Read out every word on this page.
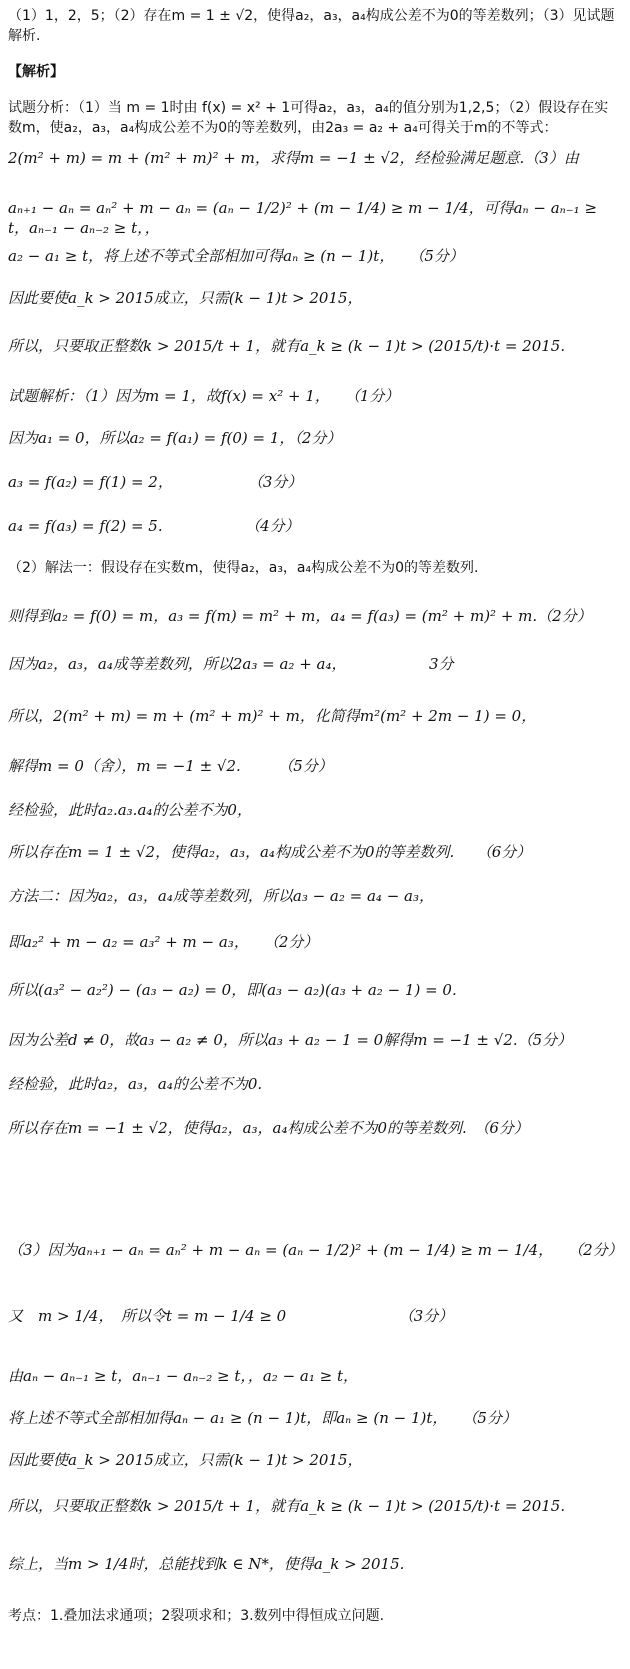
（1）1，2，5；（2）存在m = 1 ± √2，使得a₂，a₃，a₄构成公差不为0的等差数列；（3）见试题解析.
【解析】
试题分析：（1）当 m = 1时由 f(x) = x² + 1可得a₂，a₃，a₄的值分别为1,2,5；（2）假设存在实数m，使a₂，a₃，a₄构成公差不为0的等差数列，由2a₃ = a₂ + a₄可得关于m的不等式：
2(m² + m) = m + (m² + m)² + m，求得m = −1 ± √2，经检验满足题意.（3）由
aₙ₊₁ − aₙ = aₙ² + m − aₙ = (aₙ − 1/2)² + (m − 1/4) ≥ m − 1/4，可得aₙ − aₙ₋₁ ≥ t，aₙ₋₁ − aₙ₋₂ ≥ t，，
a₂ − a₁ ≥ t，将上述不等式全部相加可得aₙ ≥ (n − 1)t，　　（5分）
因此要使a_k > 2015成立，只需(k − 1)t > 2015，
所以，只要取正整数k > 2015/t + 1，就有a_k ≥ (k − 1)t > (2015/t)·t = 2015.
试题解析：（1）因为m = 1，故f(x) = x² + 1，　　（1分）
因为a₁ = 0，所以a₂ = f(a₁) = f(0) = 1，（2分）
a₃ = f(a₂) = f(1) = 2，　　　　　　（3分）
a₄ = f(a₃) = f(2) = 5.　　　　　　（4分）
（2）解法一：假设存在实数m，使得a₂，a₃，a₄构成公差不为0的等差数列.
则得到a₂ = f(0) = m，a₃ = f(m) = m² + m，a₄ = f(a₃) = (m² + m)² + m.（2分）
因为a₂，a₃，a₄成等差数列，所以2a₃ = a₂ + a₄，　　　　　　3分
所以，2(m² + m) = m + (m² + m)² + m，化简得m²(m² + 2m − 1) = 0，
解得m = 0（舍），m = −1 ± √2.　　　（5分）
经检验，此时a₂.a₃.a₄的公差不为0，
所以存在m = 1 ± √2，使得a₂，a₃，a₄构成公差不为0的等差数列.　　（6分）
方法二：因为a₂，a₃，a₄成等差数列，所以a₃ − a₂ = a₄ − a₃，
即a₂² + m − a₂ = a₃² + m − a₃，　　（2分）
所以(a₃² − a₂²) − (a₃ − a₂) = 0，即(a₃ − a₂)(a₃ + a₂ − 1) = 0.
因为公差d ≠ 0，故a₃ − a₂ ≠ 0，所以a₃ + a₂ − 1 = 0解得m = −1 ± √2.（5分）
经检验，此时a₂，a₃，a₄的公差不为0.
所以存在m = −1 ± √2，使得a₂，a₃，a₄构成公差不为0的等差数列.　（6分）
（3）因为aₙ₊₁ − aₙ = aₙ² + m − aₙ = (aₙ − 1/2)² + (m − 1/4) ≥ m − 1/4，　　（2分）
又　m > 1/4，　所以令t = m − 1/4 ≥ 0　　　　　　　　（3分）
由aₙ − aₙ₋₁ ≥ t，aₙ₋₁ − aₙ₋₂ ≥ t，，a₂ − a₁ ≥ t，
将上述不等式全部相加得aₙ − a₁ ≥ (n − 1)t，即aₙ ≥ (n − 1)t，　　（5分）
因此要使a_k > 2015成立，只需(k − 1)t > 2015，
所以，只要取正整数k > 2015/t + 1，就有a_k ≥ (k − 1)t > (2015/t)·t = 2015.
综上，当m > 1/4时，总能找到k ∈ N*，使得a_k > 2015.
考点：1.叠加法求通项；2裂项求和；3.数列中得恒成立问题.
